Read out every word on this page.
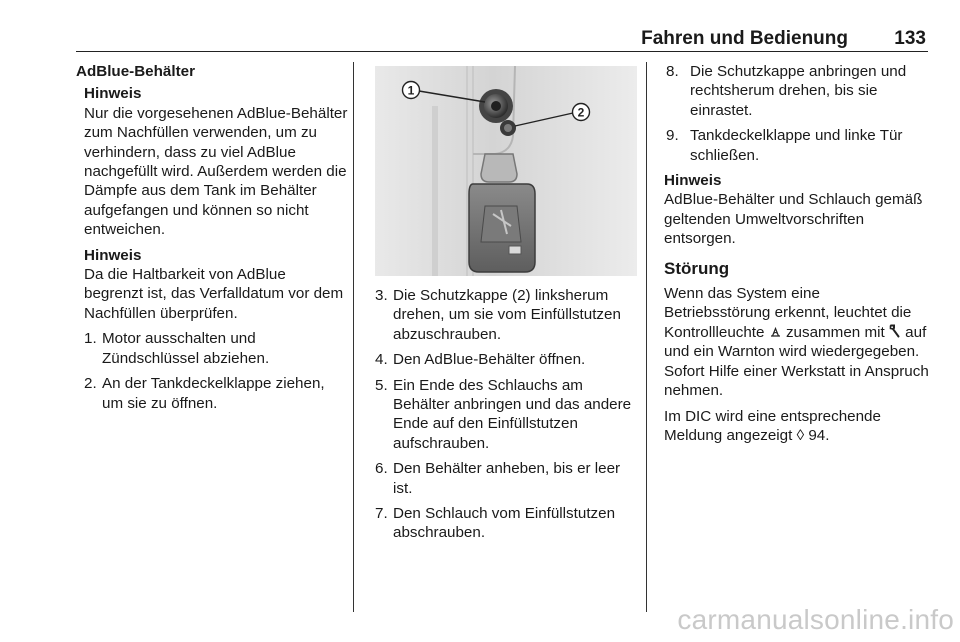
Fahren und Bedienung 133
AdBlue-Behälter
Hinweis
Nur die vorgesehenen AdBlue-Behälter zum Nachfüllen verwenden, um zu verhindern, dass zu viel AdBlue nachgefüllt wird. Außerdem werden die Dämpfe aus dem Tank im Behälter aufgefangen und können so nicht entweichen.
Hinweis
Da die Haltbarkeit von AdBlue begrenzt ist, das Verfalldatum vor dem Nachfüllen überprüfen.
1. Motor ausschalten und Zündschlüssel abziehen.
2. An der Tankdeckelklappe ziehen, um sie zu öffnen.
1
2
3. Die Schutzkappe (2) linksherum drehen, um sie vom Einfüllstutzen abzuschrauben.
4. Den AdBlue-Behälter öffnen.
5. Ein Ende des Schlauchs am Behälter anbringen und das andere Ende auf den Einfüllstutzen aufschrauben.
6. Den Behälter anheben, bis er leer ist.
7. Den Schlauch vom Einfüllstutzen abschrauben.
8. Die Schutzkappe anbringen und rechtsherum drehen, bis sie einrastet.
9. Tankdeckelklappe und linke Tür schließen.
Hinweis
AdBlue-Behälter und Schlauch gemäß geltenden Umweltvorschriften entsorgen.
Störung

Wenn das System eine Betriebsstörung erkennt, leuchtet die Kontrollleuchte zusammen mit auf und ein Warnton wird wiedergegeben. Sofort Hilfe einer Werkstatt in Anspruch nehmen.

Im DIC wird eine entsprechende Meldung angezeigt ◊ 94.

carmanualsonline.info
